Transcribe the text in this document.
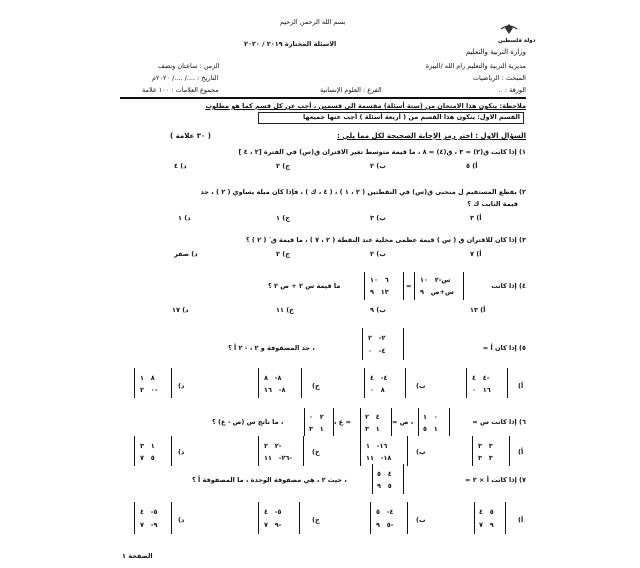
بسم الله الرحمن الرحيم
دولة فلسطين
وزارة التربية والتعليم
الاسئلة المختارة ٢٠١٩ / ٢٠٢٠
مديرية التربية والتعليم رام الله /البيرة
الزمن : ساعتان ونصف
المبحث : الرياضيات
التاريخ : ..../ ..../ ٢٠٢٠م
الورقة : ..
الفرع : العلوم الإنسانية
مجموع العلامات : ١٠٠ علامة
ملاحظة: يتكون هذا الامتحان من (ستة أسئلة) مقسمة الى قسمين ، أجب عن كل قسم كما هو مطلوب
القسم الاول: يتكون هذا القسم من ( أربعة أسئلة ) أجب عنها جميعها
السؤال الاول : اختر رمز الإجابة الصحيحة لكل مما يلي :
( ٣٠ علامة )
١) إذا كانت ق(٢) = ٣ ، ق(٤) = ٨ ، ما قيمة متوسط تغير الاقتران ق(س) في الفترة [٢ ، ٤ ]
أ) ٥
ب) ٢
ج) ٢
د) ٤
٢) يقطع المستقيم ل منحنى ق(س) في النقطتين ( ٢ ، ١ ) ، ( ٤ ، ك ) ، فإذا كان ميله يساوي ( ٢ ) ، جد
قيمة الثابت ك ؟
أ) ٣
ب) ٣
ج) ١
د) ١
٣) إذا كان للاقتران ق ( س ) قيمة عظمى محلية عند النقطة ( ٢ ، ٧ ) ، ما قيمة ق َ ( ٢ ) ؟
أ) ٧
ب) ٢
ج) ٢
د) صفر
٤) إذا كانت
س-٢   ١٠
س+ص   ٩
=
٦   ١٠
١٣   ٩
ما قيمة س ٢ + ص ٢ ؟
أ) ١٣
ب) ٩
ج) ١١
د) ١٧
٥) إذا كان أ =
٢-   ٢
٤-   ٠
، جد المصفوفة و ٢ ، - ٢ أ ؟
أ)
٤   ٤-
١٦   ٠
ب)
٤-   ٤
٨   ٠
ج)
٨-   ٨
٨-   ١٦
د)
٨   ١
٠   ٢-
٦) إذا كانت س =
٠   ١
١   ٥
، ص =
٤   ٢
١   ٣
، ع =
٢   ٠
١   ٣
، ما ناتج س (ص - ع) ؟
أ)
٣   ٣
٣   ٣
ب)
١٦-   ١
١٨-   ١١
ج)
٢   ٢-
٢٦-   ١١-
د)
١   ٣
٥   ٧
٧) إذا كانت أ × ٢ =
٤   ٥
٥   ٩
، حيث ٢ ، هي مصفوفة الوحدة ، ما المصفوفة أ ؟
أ)
٥   ٤
٩   ٧
ب)
٤-   ٥
٥   ٩-
ج)
٥-   ٤
٩   ٧-
د)
٥-   ٤
٩-   ٧
الصفحة ١
